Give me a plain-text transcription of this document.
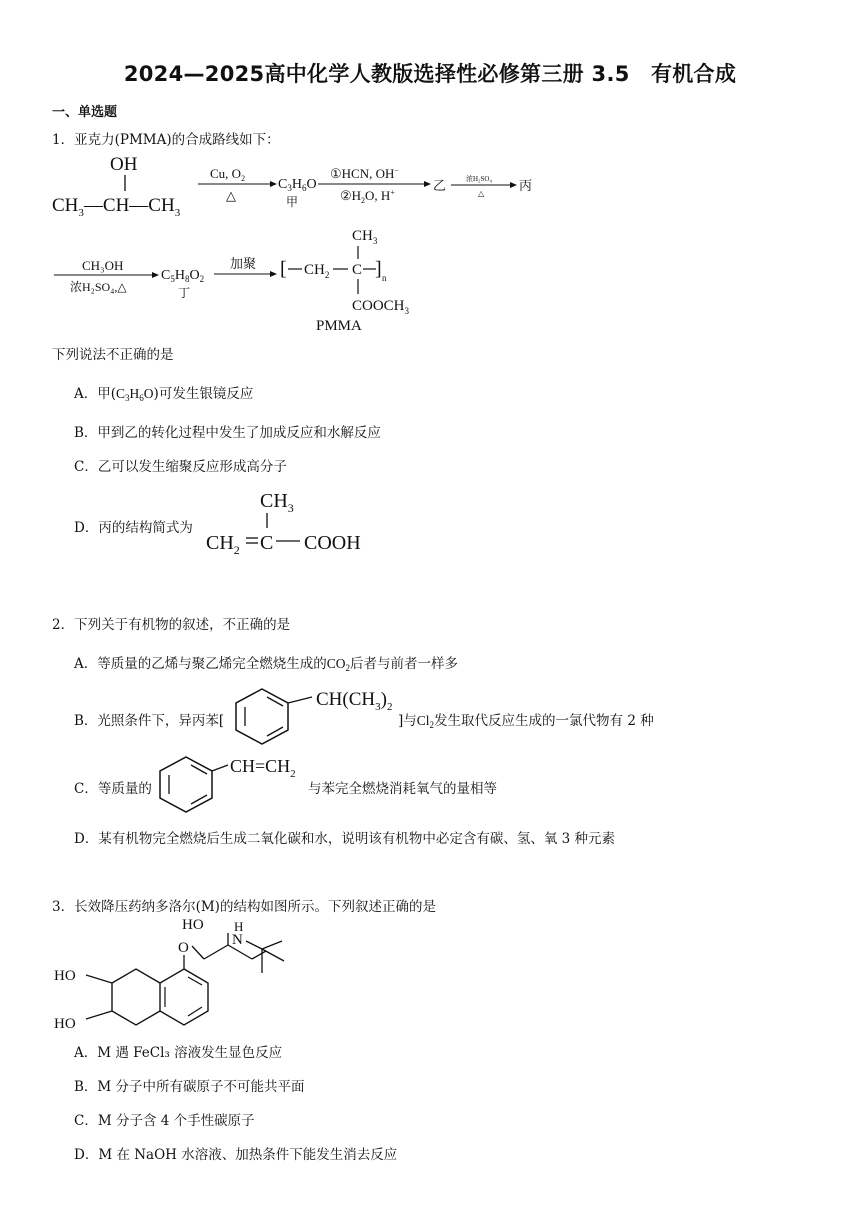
2024—2025高中化学人教版选择性必修第三册 3.5　有机合成
一、单选题
1．亚克力(PMMA)的合成路线如下：
OH
$CH_3—CH—CH_3$
Cu, $O_2$
△
$C_3H_6O$
甲
①HCN, OH−
$②H_2O$, H+	乙	浓H₂SO₄
△
丙
CH₃OH
浓H₂SO₄,△
$C_5H_8O_2$
丁
加聚
$CH_3$
[ $CH_2$ C ] n
$COOCH_3$
PMMA
下列说法不正确的是
A．甲$(C_3H_6O)$可发生银镜反应
B．甲到乙的转化过程中发生了加成反应和水解反应
C．乙可以发生缩聚反应形成高分子
D．丙的结构简式为
$CH_3$
$CH_2$ C COOH
2．下列关于有机物的叙述，不正确的是
A．等质量的乙烯与聚乙烯完全燃烧生成的$CO_2$后者与前者一样多
B．光照条件下，异丙苯[
$CH(CH_3)_2$
]与$Cl_2$发生取代反应生成的一氯代物有 2 种
C．等质量的
$CH=CH_2$
与苯完全燃烧消耗氧气的量相等
D．某有机物完全燃烧后生成二氧化碳和水，说明该有机物中必定含有碳、氢、氧 3 种元素
3．长效降压药纳多洛尔(M)的结构如图所示。下列叙述正确的是
HO
HO
O
HO
N
H
A．M 遇 FeCl₃ 溶液发生显色反应
B．M 分子中所有碳原子不可能共平面
C．M 分子含 4 个手性碳原子
D．M 在 NaOH 水溶液、加热条件下能发生消去反应
